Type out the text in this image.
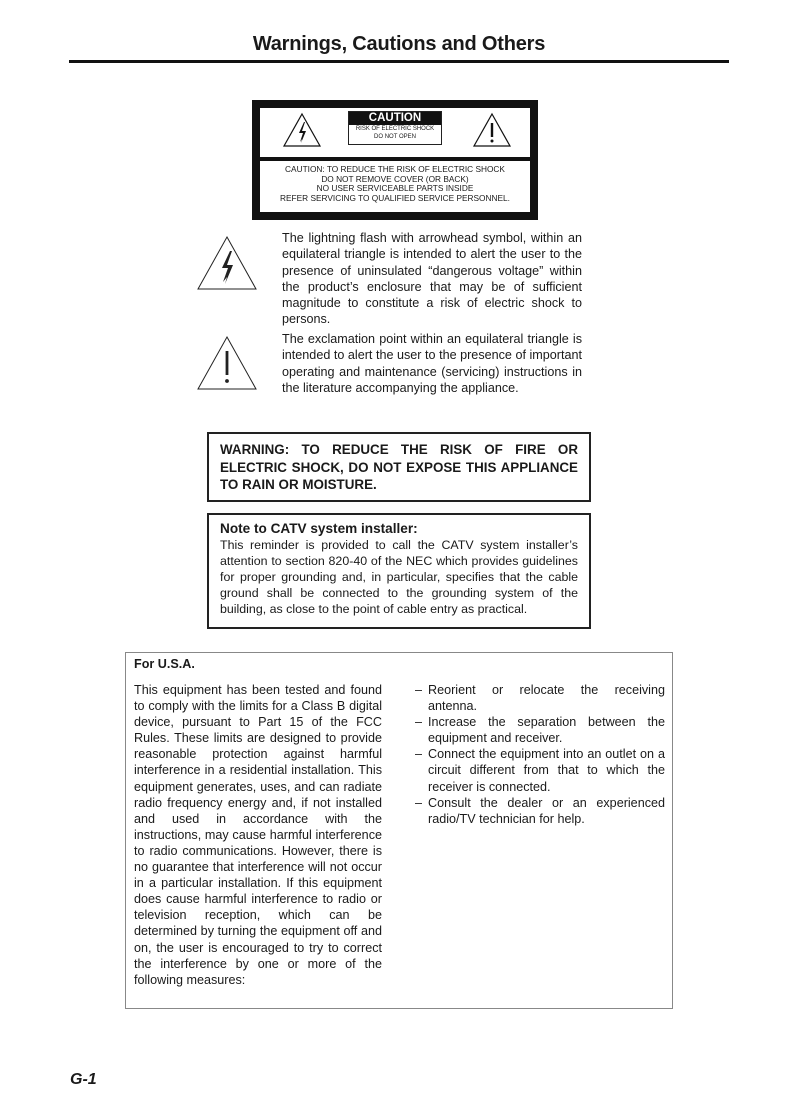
Warnings, Cautions and Others
CAUTION
RISK OF ELECTRIC SHOCK
DO NOT OPEN
CAUTION: TO REDUCE THE RISK OF ELECTRIC SHOCK
DO NOT REMOVE COVER (OR BACK)
NO USER SERVICEABLE PARTS INSIDE
REFER SERVICING TO QUALIFIED SERVICE PERSONNEL.
The lightning flash with arrowhead symbol, within an equilateral triangle is intended to alert the user to the presence of uninsulated “dangerous voltage” within the product’s enclosure that may be of sufficient magnitude to constitute a risk of electric shock to persons.
The exclamation point within an equilateral triangle is intended to alert the user to the presence of important operating and maintenance (servicing) instructions in the literature accompanying the appliance.
WARNING: TO REDUCE THE RISK OF FIRE OR ELECTRIC SHOCK, DO NOT EXPOSE THIS APPLIANCE TO RAIN OR MOISTURE.
Note to CATV system installer:
This reminder is provided to call the CATV system installer’s attention to section 820-40 of the NEC which provides guidelines for proper grounding and, in particular, specifies that the cable ground shall be connected to the grounding system of the building, as close to the point of cable entry as practical.
For U.S.A.
This equipment has been tested and found to comply with the limits for a Class B digital device, pursuant to Part 15 of the FCC Rules. These limits are designed to provide reasonable protection against harmful interference in a residential installation. This equipment generates, uses, and can radiate radio frequency energy and, if not installed and used in accordance with the instructions, may cause harmful interference to radio communications. However, there is no guarantee that interference will not occur in a particular installation. If this equipment does cause harmful interference to radio or television reception, which can be determined by turning the equipment off and on, the user is encouraged to try to correct the interference by one or more of the following measures:
– Reorient or relocate the receiving antenna.
– Increase the separation between the equipment and receiver.
– Connect the equipment into an outlet on a circuit different from that to which the receiver is connected.
– Consult the dealer or an experienced radio/TV technician for help.
G-1
